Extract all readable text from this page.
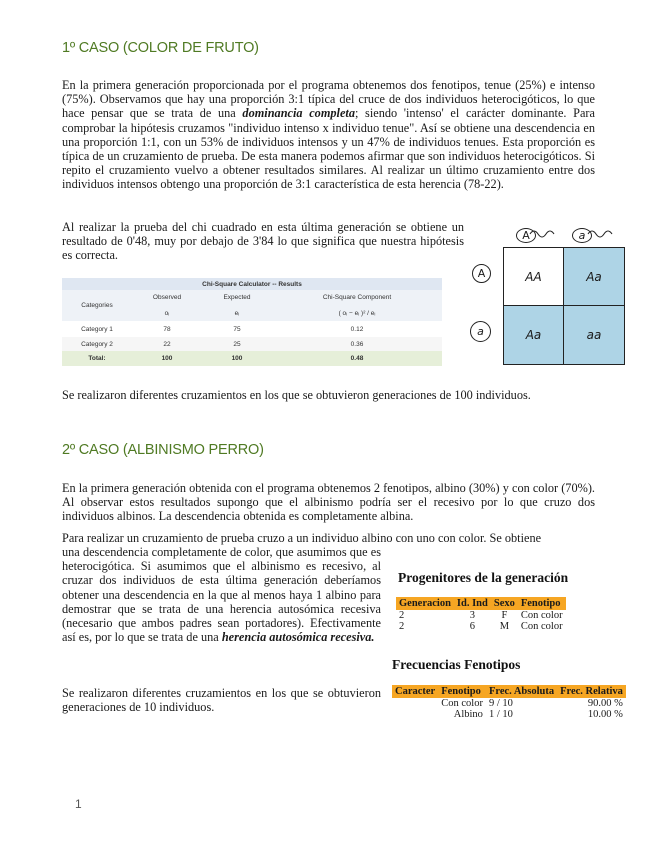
1º CASO (COLOR DE FRUTO)
En la primera generación proporcionada por el programa obtenemos dos fenotipos, tenue (25%) e intenso (75%). Observamos que hay una proporción 3:1 típica del cruce de dos individuos heterocigóticos, lo que hace pensar que se trata de una dominancia completa; siendo 'intenso' el carácter dominante. Para comprobar la hipótesis cruzamos "individuo intenso x individuo tenue". Así se obtiene una descendencia en una proporción 1:1, con un 53% de individuos intensos y un 47% de individuos tenues. Esta proporción es típica de un cruzamiento de prueba. De esta manera podemos afirmar que son individuos heterocigóticos. Si repito el cruzamiento vuelvo a obtener resultados similares. Al realizar un último cruzamiento entre dos individuos intensos obtengo una proporción de 3:1 característica de esta herencia (78-22).
Al realizar la prueba del chi cuadrado en esta última generación se obtiene un resultado de 0'48, muy por debajo de 3'84 lo que significa que nuestra hipótesis es correcta.
Chi-Square Calculator -- Results			
Categories	Observed	Expected	Chi-Square Component
	oᵢ	eᵢ	( oᵢ − eᵢ )² / eᵢ
Category 1	78	75	0.12
Category 2	22	25	0.36
Total:	100	100	0.48
A	a
A
a
AA	Aa
Aa	aa
Se realizaron diferentes cruzamientos en los que se obtuvieron generaciones de 100 individuos.
2º CASO (ALBINISMO PERRO)
En la primera generación obtenida con el programa obtenemos 2 fenotipos, albino (30%) y con color (70%). Al observar estos resultados supongo que el albinismo podría ser el recesivo por lo que cruzo dos individuos albinos. La descendencia obtenida es completamente albina.
Para realizar un cruzamiento de prueba cruzo a un individuo albino con uno con color. Se obtiene
una descendencia completamente de color, que asumimos que es heterocigótica. Si asumimos que el albinismo es recesivo, al cruzar dos individuos de esta última generación deberíamos obtener una descendencia en la que al menos haya 1 albino para demostrar que se trata de una herencia autosómica recesiva (necesario que ambos padres sean portadores). Efectivamente así es, por lo que se trata de una herencia autosómica recesiva.
Se realizaron diferentes cruzamientos en los que se obtuvieron generaciones de 10 individuos.
Progenitores de la generación
Generacion	Id. Ind	Sexo	Fenotipo
2	3	F	Con color
2	6	M	Con color
Frecuencias Fenotipos
Caracter	Fenotipo	Frec. Absoluta	Frec. Relativa
	Con color	9 / 10	90.00 %
	Albino	1 / 10	10.00 %
1
